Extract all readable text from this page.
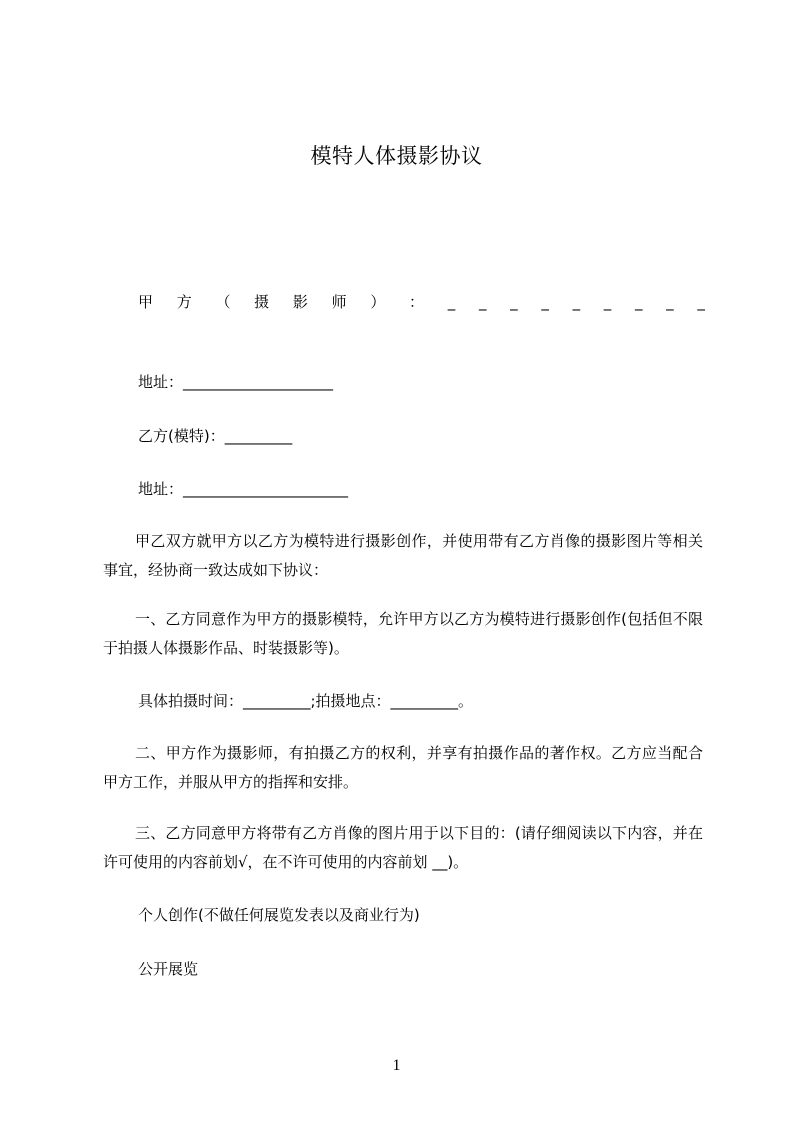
模特人体摄影协议
甲 方 （ 摄 影 师 ） ： _ _ _ _ _ _ _ _ _
地址：____________________
乙方(模特)：_________
地址：______________________
甲乙双方就甲方以乙方为模特进行摄影创作，并使用带有乙方肖像的摄影图片等相关事宜，经协商一致达成如下协议：
一、乙方同意作为甲方的摄影模特，允许甲方以乙方为模特进行摄影创作(包括但不限于拍摄人体摄影作品、时装摄影等)。
具体拍摄时间：_________;拍摄地点：_________。
二、甲方作为摄影师，有拍摄乙方的权利，并享有拍摄作品的著作权。乙方应当配合甲方工作，并服从甲方的指挥和安排。
三、乙方同意甲方将带有乙方肖像的图片用于以下目的：(请仔细阅读以下内容，并在许可使用的内容前划√，在不许可使用的内容前划 __)。
个人创作(不做任何展览发表以及商业行为)
公开展览
1
